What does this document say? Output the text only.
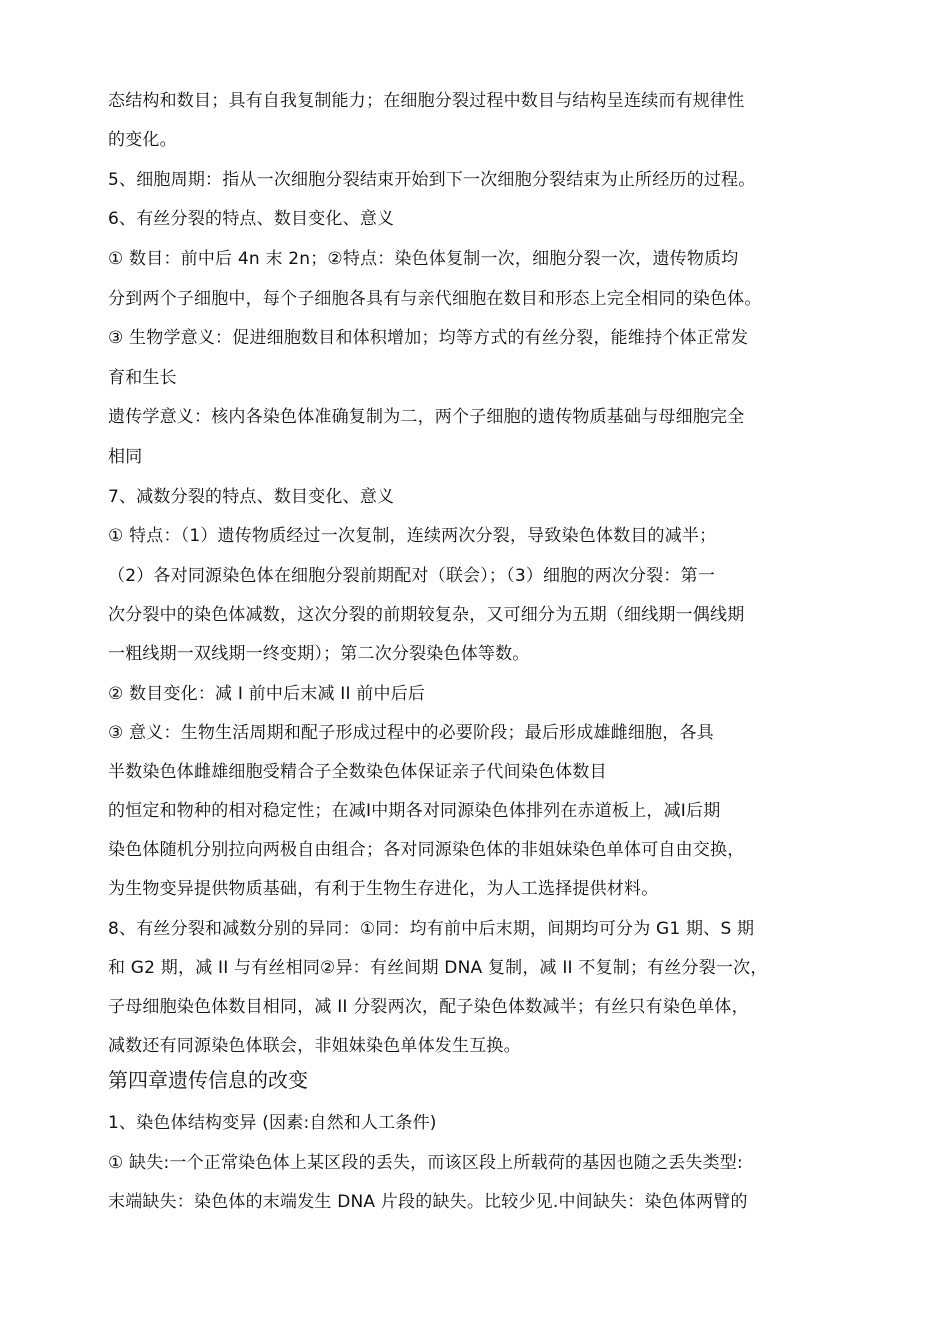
态结构和数目；具有自我复制能力；在细胞分裂过程中数目与结构呈连续而有规律性
的变化。
5、细胞周期：指从一次细胞分裂结束开始到下一次细胞分裂结束为止所经历的过程。
6、有丝分裂的特点、数目变化、意义
① 数目：前中后 4n 末 2n；②特点：染色体复制一次，细胞分裂一次，遗传物质均
分到两个子细胞中，每个子细胞各具有与亲代细胞在数目和形态上完全相同的染色体。
③ 生物学意义：促进细胞数目和体积增加；均等方式的有丝分裂，能维持个体正常发
育和生长
遗传学意义：核内各染色体准确复制为二，两个子细胞的遗传物质基础与母细胞完全
相同
7、减数分裂的特点、数目变化、意义
① 特点：（1）遗传物质经过一次复制，连续两次分裂，导致染色体数目的减半；
（2）各对同源染色体在细胞分裂前期配对（联会）；（3）细胞的两次分裂：第一
次分裂中的染色体减数，这次分裂的前期较复杂，又可细分为五期（细线期一偶线期
一粗线期一双线期一终变期）；第二次分裂染色体等数。
② 数目变化：减 I 前中后末减 II 前中后后
③ 意义：生物生活周期和配子形成过程中的必要阶段；最后形成雄雌细胞，各具
半数染色体雌雄细胞受精合子全数染色体保证亲子代间染色体数目
的恒定和物种的相对稳定性；在减Ⅰ中期各对同源染色体排列在赤道板上，减Ⅰ后期
染色体随机分别拉向两极自由组合；各对同源染色体的非姐妹染色单体可自由交换，
为生物变异提供物质基础，有利于生物生存进化，为人工选择提供材料。
8、有丝分裂和减数分别的异同：①同：均有前中后末期，间期均可分为 G1 期、S 期
和 G2 期，减 II 与有丝相同②异：有丝间期 DNA 复制，减 II 不复制；有丝分裂一次，
子母细胞染色体数目相同，减 II 分裂两次，配子染色体数减半；有丝只有染色单体，
减数还有同源染色体联会，非姐妹染色单体发生互换。
第四章遗传信息的改变
1、染色体结构变异 (因素:自然和人工条件)
① 缺失:一个正常染色体上某区段的丢失，而该区段上所载荷的基因也随之丢失类型:
末端缺失：染色体的末端发生 DNA 片段的缺失。比较少见.中间缺失：染色体两臂的
